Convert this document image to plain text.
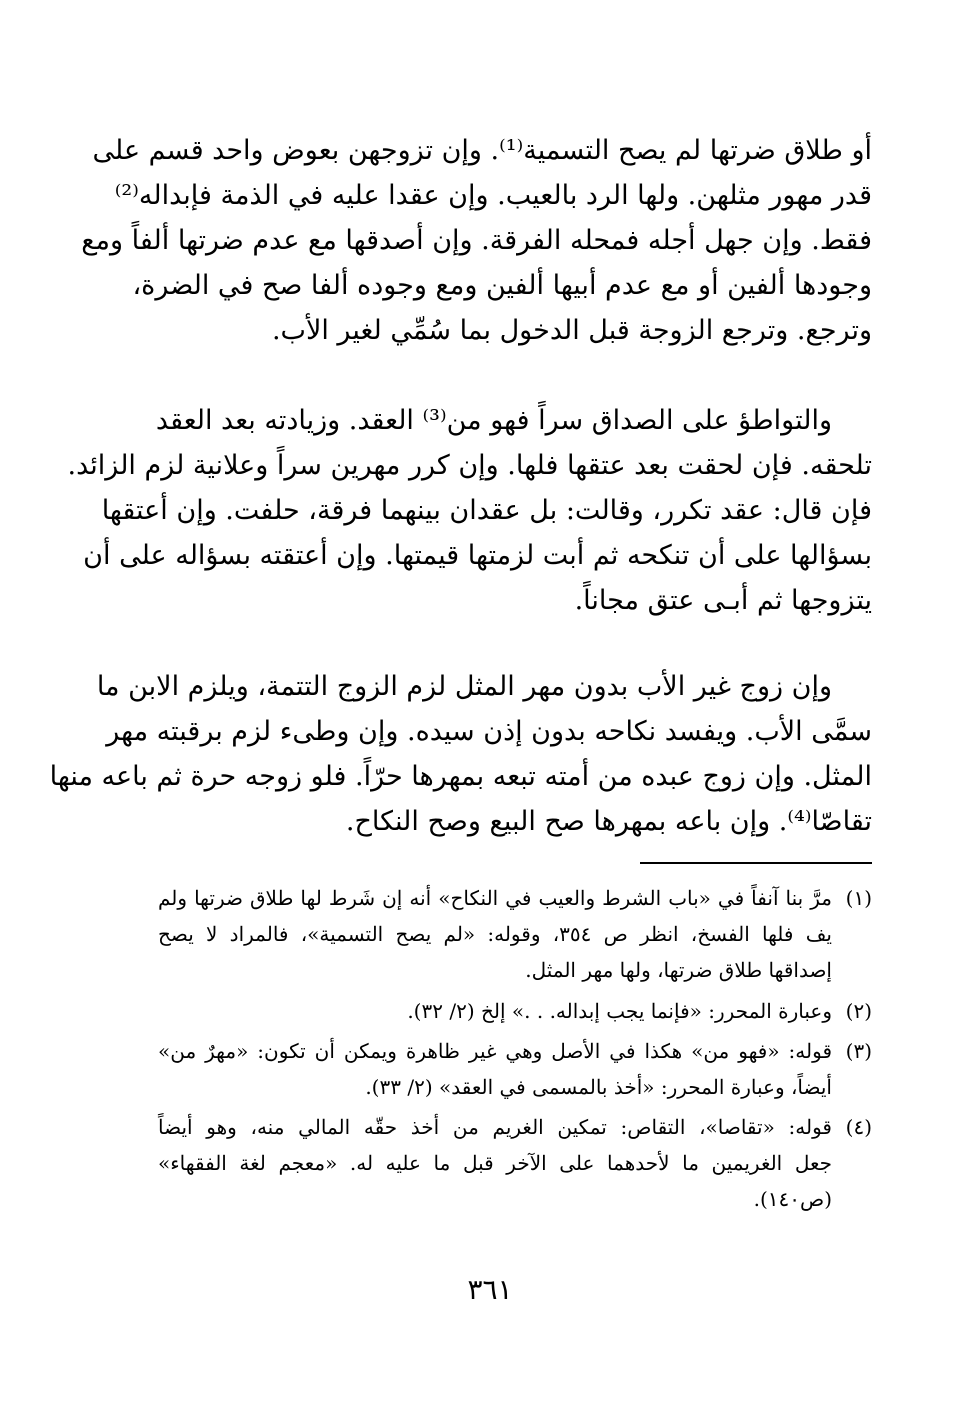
أو طلاق ضرتها لم يصح التسمية⁽¹⁾. وإن تزوجهن بعوض واحد قسم على
قدر مهور مثلهن. ولها الرد بالعيب. وإن عقدا عليه في الذمة فإبداله⁽²⁾
فقط. وإن جهل أجله فمحله الفرقة. وإن أصدقها مع عدم ضرتها ألفاً ومع
وجودها ألفين أو مع عدم أبيها ألفين ومع وجوده ألفا صح في الضرة،
وترجع. وترجع الزوجة قبل الدخول بما سُمِّي لغير الأب.

والتواطؤ على الصداق سراً فهو من⁽³⁾ العقد. وزيادته بعد العقد
تلحقه. فإن لحقت بعد عتقها فلها. وإن كرر مهرين سراً وعلانية لزم الزائد.
فإن قال: عقد تكرر، وقالت: بل عقدان بينهما فرقة، حلفت. وإن أعتقها
بسؤالها على أن تنكحه ثم أبت لزمتها قيمتها. وإن أعتقته بسؤاله على أن
يتزوجها ثم أبـى عتق مجاناً.

وإن زوج غير الأب بدون مهر المثل لزم الزوج التتمة، ويلزم الابن ما
سمَّى الأب. ويفسد نكاحه بدون إذن سيده. وإن وطىء لزم برقبته مهر
المثل. وإن زوج عبده من أمته تبعه بمهرها حرّاً. فلو زوجه حرة ثم باعه منها
تقاصّا⁽⁴⁾. وإن باعه بمهرها صح البيع وصح النكاح.

(١)
مرَّ بنا آنفاً في «باب الشرط والعيب في النكاح» أنه إن شَرط لها طلاق ضرتها ولم
يف فلها الفسخ، انظر ص ٣٥٤، وقوله: «لم يصح التسمية»، فالمراد لا يصح
إصداقها طلاق ضرتها، ولها مهر المثل.
(٢)
وعبارة المحرر: «فإنما يجب إبداله. . .» إلخ (٢/ ٣٢).
(٣)
قوله: «فهو من» هكذا في الأصل وهي غير ظاهرة ويمكن أن تكون: «مهرٌ من»
أيضاً، وعبارة المحرر: «أخذ بالمسمى في العقد» (٢/ ٣٣).
(٤)
قوله: «تقاصا»، التقاص: تمكين الغريم من أخذ حقّه المالي منه، وهو أيضاً
جعل الغريمين ما لأحدهما على الآخر قبل ما عليه له. «معجم لغة الفقهاء»
(ص١٤٠).
٣٦١
